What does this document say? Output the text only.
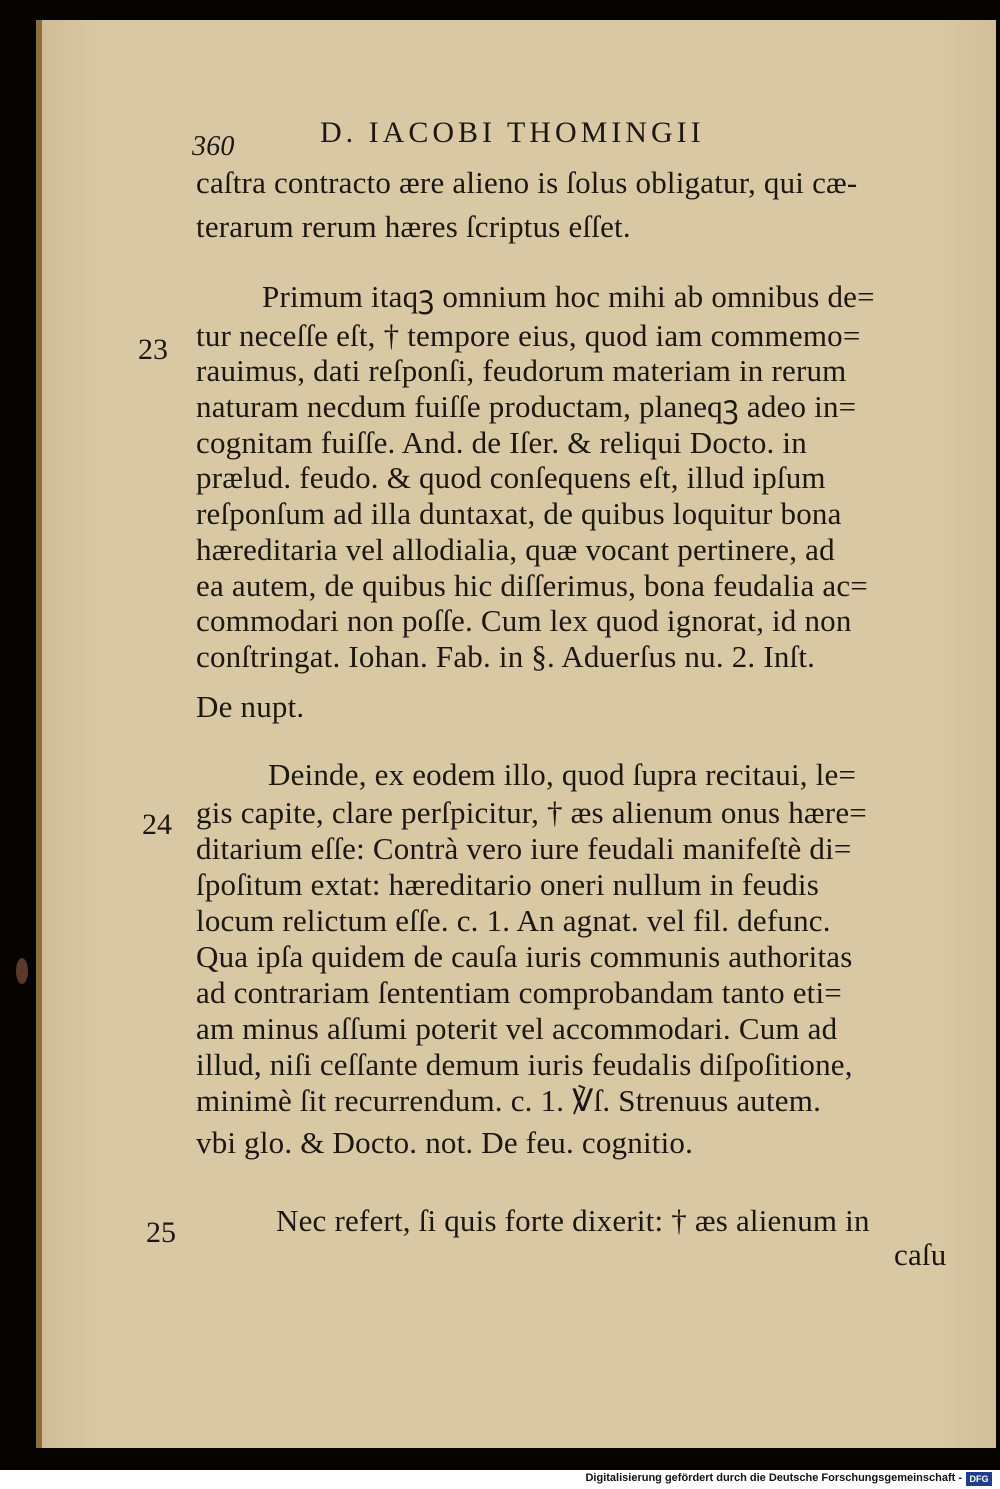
360	D. IACOBI THOMINGII
caſtra contracto ære alieno is ſolus obligatur, qui cæ-
terarum rerum hæres ſcriptus eſſet.
23
Primum itaqꝫ omnium hoc mihi ab omnibus de=
tur neceſſe eſt, † tempore eius, quod iam commemo=
rauimus, dati reſponſi, feudorum materiam in rerum
naturam necdum fuiſſe productam, planeqꝫ adeo in=
cognitam fuiſſe. And. de Iſer. & reliqui Docto. in
prælud. feudo. & quod conſequens eſt, illud ipſum
reſponſum ad illa duntaxat, de quibus loquitur bona
hæreditaria vel allodialia, quæ vocant pertinere, ad
ea autem, de quibus hic diſſerimus, bona feudalia ac=
commodari non poſſe. Cum lex quod ignorat, id non
conſtringat. Iohan. Fab. in §. Aduerſus nu. 2. Inſt.
De nupt.
24
Deinde, ex eodem illo, quod ſupra recitaui, le=
gis capite, clare perſpicitur, † æs alienum onus hære=
ditarium eſſe: Contrà vero iure feudali manifeſtè di=
ſpoſitum extat: hæreditario oneri nullum in feudis
locum relictum eſſe. c. 1. An agnat. vel fil. defunc.
Qua ipſa quidem de cauſa iuris communis authoritas
ad contrariam ſententiam comprobandam tanto eti=
am minus aſſumi poterit vel accommodari. Cum ad
illud, niſi ceſſante demum iuris feudalis diſpoſitione,
minimè ſit recurrendum. c. 1. ℣ſ. Strenuus autem.
vbi glo. & Docto. not. De feu. cognitio.
25	Nec refert, ſi quis forte dixerit: † æs alienum in
caſu
Digitalisierung gefördert durch die Deutsche Forschungsgemeinschaft - DFG
